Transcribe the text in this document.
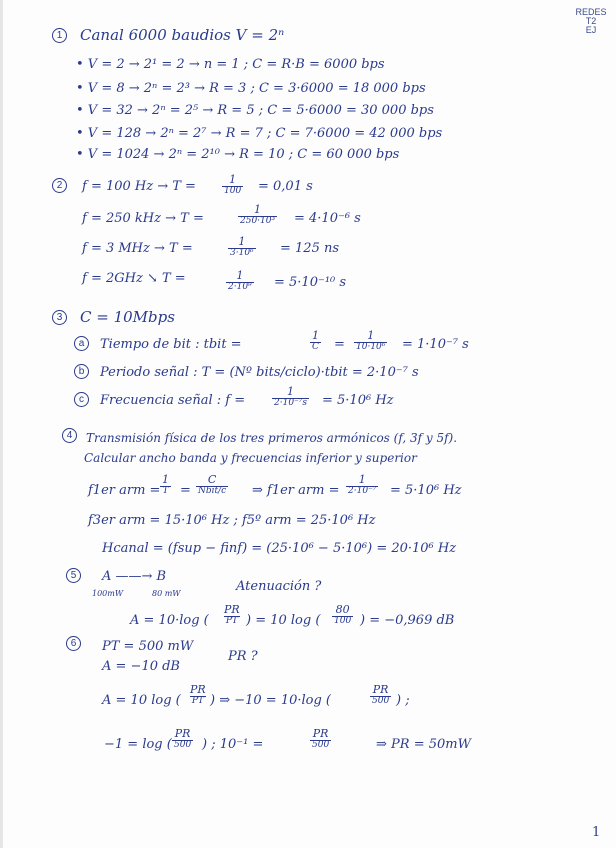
REDES
T2
EJ
1	Canal 6000 baudios V = 2ⁿ
• V = 2 → 2¹ = 2 → n = 1 ; C = R·B = 6000 bps
• V = 8 → 2ⁿ = 2³ → R = 3 ; C = 3·6000 = 18 000 bps
• V = 32 → 2ⁿ = 2⁵ → R = 5 ; C = 5·6000 = 30 000 bps
• V = 128 → 2ⁿ = 2⁷ → R = 7 ; C = 7·6000 = 42 000 bps
• V = 1024 → 2ⁿ = 2¹⁰ → R = 10 ; C = 60 000 bps
2	f = 100 Hz → T =	1
100 = 0,01 s
f = 250 kHz → T =
1
250·10³ = 4·10⁻⁶ s
f = 3 MHz → T =	1
3·10⁶ = 125 ns
f = 2GHz ↘ T =	1
2·10⁹ = 5·10⁻¹⁰ s
3	C = 10Mbps
a	Tiempo de bit : tbit =
1
C =
1
10·10⁶ = 1·10⁻⁷ s
b	Periodo señal : T = (Nº bits/ciclo)·tbit = 2·10⁻⁷ s
c	Frecuencia señal : f =
1
2·10⁻⁷s = 5·10⁶ Hz
4	Transmisión física de los tres primeros armónicos (f, 3f y 5f).
Calcular ancho banda y frecuencias inferior y superior
f1er arm =
1
T =
C
Nbit/c ⇒ f1er arm =
1
2·10⁻⁷ = 5·10⁶ Hz
f3er arm = 15·10⁶ Hz ; f5º arm = 25·10⁶ Hz
Hcanal = (fsup − finf) = (25·10⁶ − 5·10⁶) = 20·10⁶ Hz
5	A ——→ B
100mW	80 mW	Atenuación ?
A = 10·log (
PR
PT ) = 10 log (
80
100 ) = −0,969 dB
6	PT = 500 mW
A = −10 dB
PR ?
A = 10 log (
PR
PT ) ⇒ −10 = 10·log (
PR
500 ) ;
−1 = log (
PR
500 ) ; 10⁻¹ =
PR
500	⇒ PR = 50mW
1
